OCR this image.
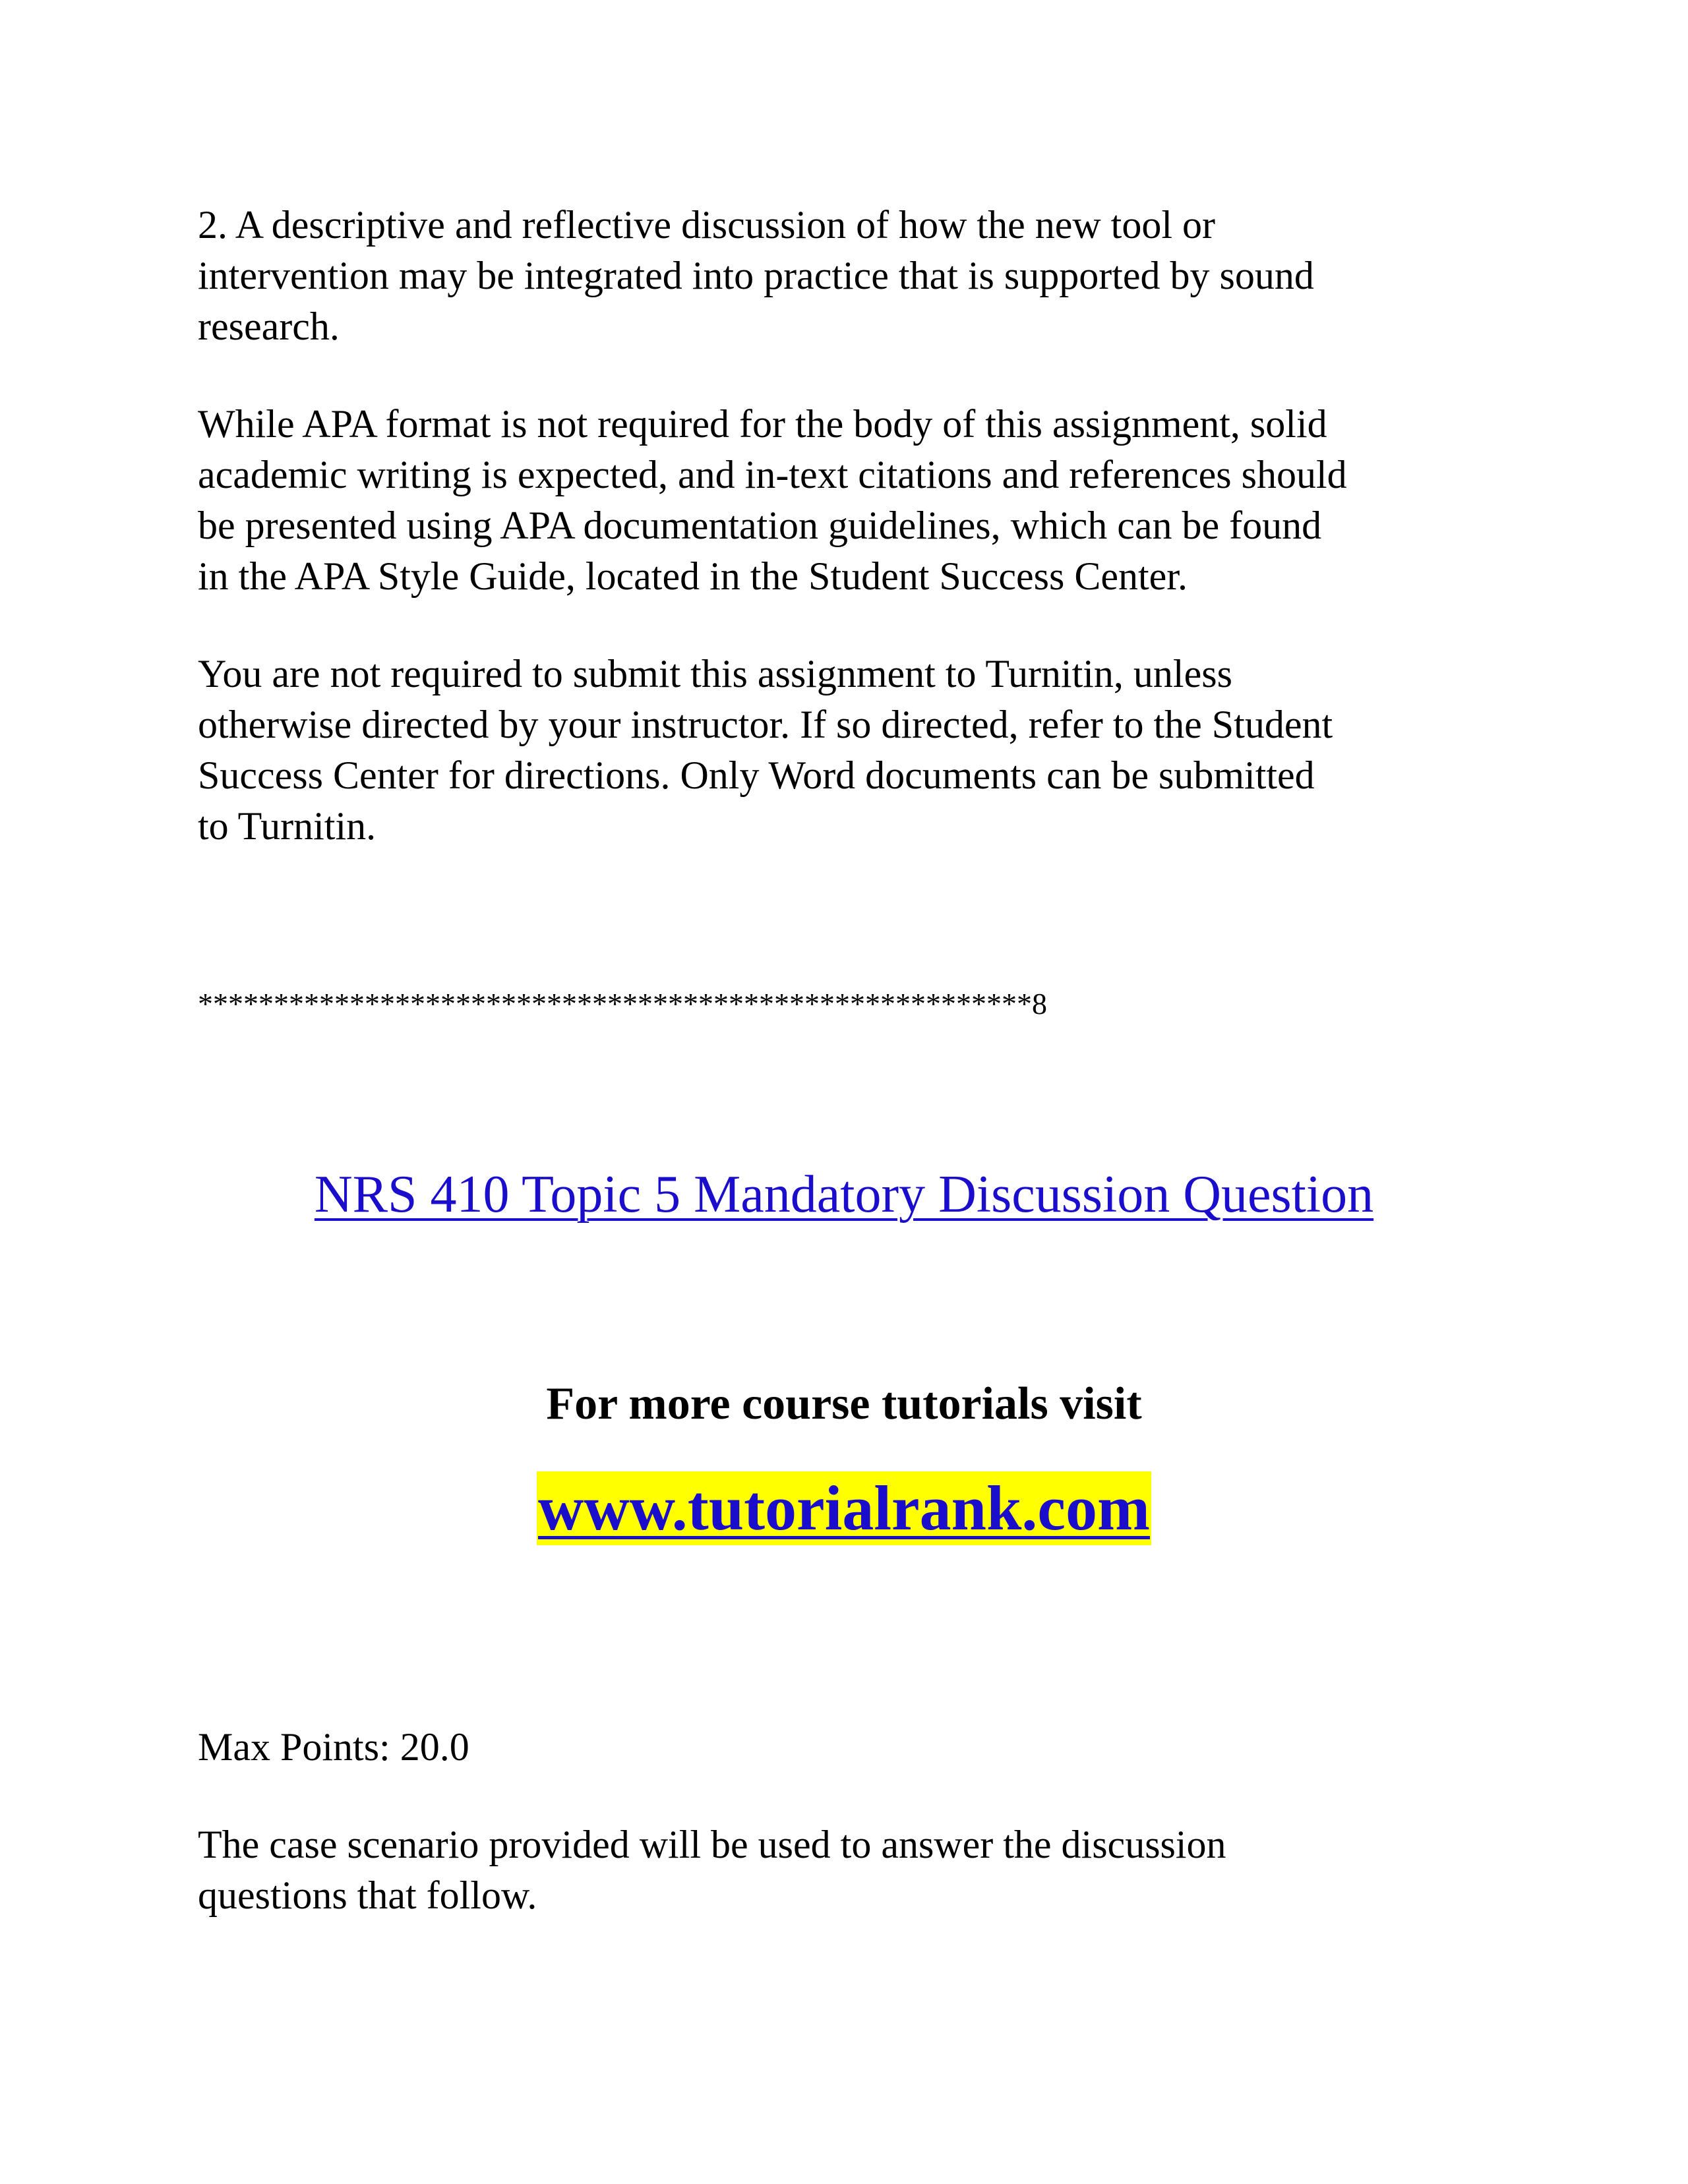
2. A descriptive and reflective discussion of how the new tool or
intervention may be integrated into practice that is supported by sound
research.

While APA format is not required for the body of this assignment, solid
academic writing is expected, and in-text citations and references should
be presented using APA documentation guidelines, which can be found
in the APA Style Guide, located in the Student Success Center.

You are not required to submit this assignment to Turnitin, unless
otherwise directed by your instructor. If so directed, refer to the Student
Success Center for directions. Only Word documents can be submitted
to Turnitin.

*******************************************************8
NRS 410 Topic 5 Mandatory Discussion Question
For more course tutorials visit
www.tutorialrank.com

Max Points: 20.0

The case scenario provided will be used to answer the discussion
questions that follow.
